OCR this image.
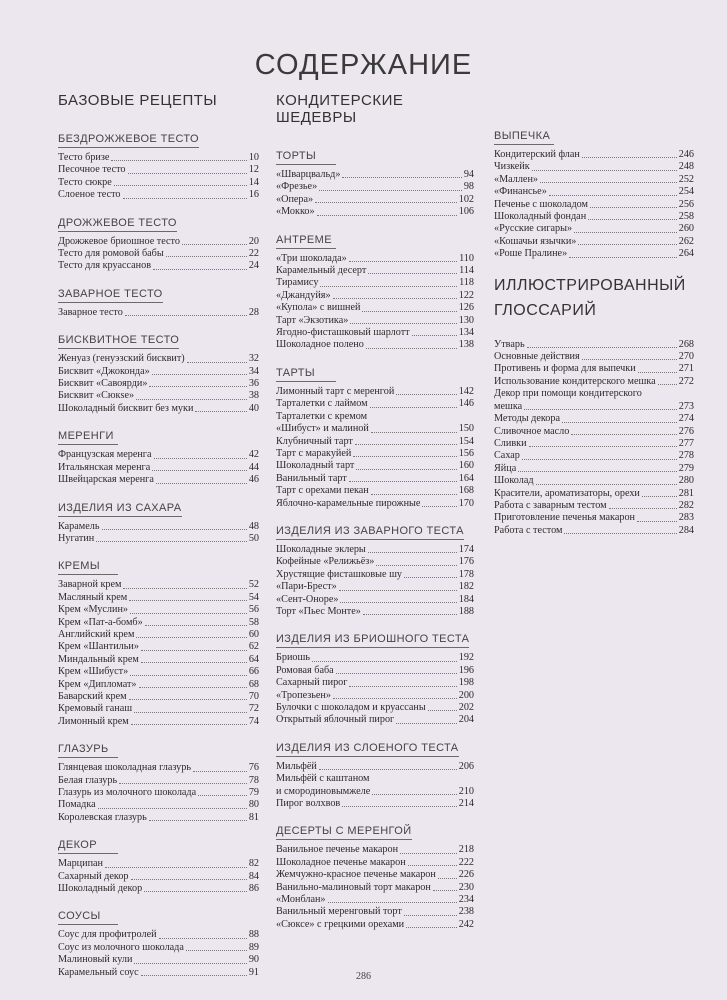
СОДЕРЖАНИЕ
БАЗОВЫЕ РЕЦЕПТЫ
БЕЗДРОЖЖЕВОЕ ТЕСТО
Тесто бризе	10
Песочное тесто	12
Тесто сюкре	14
Слоеное тесто	16
ДРОЖЖЕВОЕ ТЕСТО
Дрожжевое бриошное тесто	20
Тесто для ромовой бабы	22
Тесто для круассанов	24
ЗАВАРНОЕ ТЕСТО
Заварное тесто	28
БИСКВИТНОЕ ТЕСТО
Женуаз (генуэзский бисквит)	32
Бисквит «Джоконда»	34
Бисквит «Савоярди»	36
Бисквит «Сюкse»	38
Шоколадный бисквит без муки	40
МЕРЕНГИ
Французская меренга	42
Итальянская меренга	44
Швейцарская меренга	46
ИЗДЕЛИЯ ИЗ САХАРА
Карамель	48
Нугатин	50
КРЕМЫ
Заварной крем	52
Масляный крем	54
Крем «Муслин»	56
Крем «Пат-а-бомб»	58
Английский крем	60
Крем «Шантильи»	62
Миндальный крем	64
Крем «Шибуст»	66
Крем «Дипломат»	68
Баварский крем	70
Кремовый ганаш	72
Лимонный крем	74
ГЛАЗУРЬ
Глянцевая шоколадная глазурь	76
Белая глазурь	78
Глазурь из молочного шоколада	79
Помадка	80
Королевская глазурь	81
ДЕКОР
Марципан	82
Сахарный декор	84
Шоколадный декор	86
СОУСЫ
Соус для профитролей	88
Соус из молочного шоколада	89
Малиновый кули	90
Карамельный соус	91
КОНДИТЕРСКИЕ ШЕДЕВРЫ
ТОРТЫ
«Шварцвальд»	94
«Фрезье»	98
«Опера»	102
«Мокко»	106
АНТРЕМЕ
«Три шоколада»	110
Карамельный десерт	114
Тирамису	118
«Джандуйя»	122
«Купола» с вишней	126
Тарт «Экзотика»	130
Ягодно-фисташковый шарлотт	134
Шоколадное полено	138
ТАРТЫ
Лимонный тарт с меренгой	142
Тарталетки с лаймом	146
Тарталетки с кремом
«Шибуст» и малиной	150
Клубничный тарт	154
Тарт с маракуйей	156
Шоколадный тарт	160
Ванильный тарт	164
Тарт с орехами пекан	168
Яблочно-карамельные пирожные	170
ИЗДЕЛИЯ ИЗ ЗАВАРНОГО ТЕСТА
Шоколадные эклеры	174
Кофейные «Релижьёз»	176
Хрустящие фисташковые шу	178
«Пари-Брест»	182
«Сент-Оноре»	184
Торт «Пьес Монте»	188
ИЗДЕЛИЯ ИЗ БРИОШНОГО ТЕСТА
Бриошь	192
Ромовая баба	196
Сахарный пирог	198
«Тропезьен»	200
Булочки с шоколадом и круассаны	202
Открытый яблочный пирог	204
ИЗДЕЛИЯ ИЗ СЛОЕНОГО ТЕСТА
Мильфёй	206
Мильфёй с каштаном
и смородиновымжеле	210
Пирог волхвов	214
ДЕСЕРТЫ С МЕРЕНГОЙ
Ванильное печенье макарон	218
Шоколадное печенье макарон	222
Жемчужно-красное печенье макарон 226
Ванильно-малиновый торт макарон	230
«Монблан»	234
Ванильный меренговый торт	238
«Сюксе» с грецкими орехами	242
ВЫПЕЧКА
Кондитерский флан	246
Чизкейк	248
«Маллен»	252
«Финансье»	254
Печенье с шоколадом	256
Шоколадный фондан	258
«Русские сигары»	260
«Кошачьи язычки»	262
«Роше Пралине»	264
ИЛЛЮСТРИРОВАННЫЙ ГЛОССАРИЙ
Утварь	268
Основные действия	270
Противень и форма для выпечки	271
Использование кондитерского мешка 272
Декор при помощи кондитерского
мешка	273
Методы декора	274
Сливочное масло	276
Сливки	277
Сахар	278
Яйца	279
Шоколад	280
Красители, ароматизаторы, орехи	281
Работа с заварным тестом	282
Приготовление печенья макарон	283
Работа с тестом	284
286
